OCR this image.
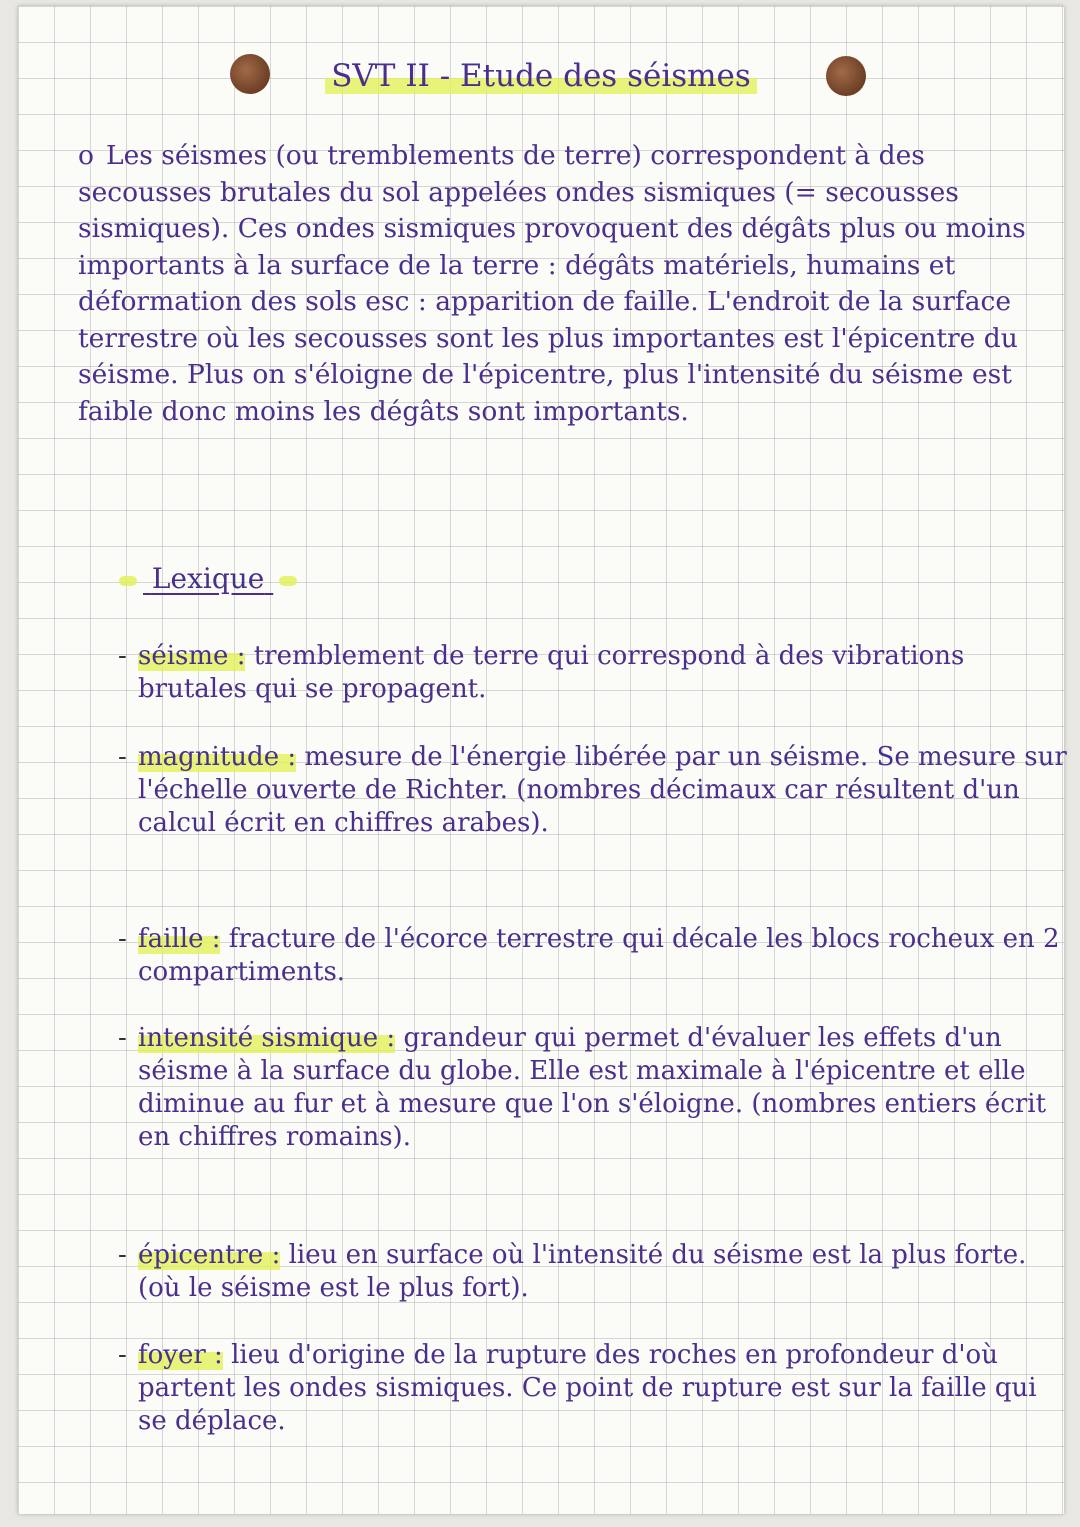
SVT II - Etude des séismes
o Les séismes (ou tremblements de terre) correspondent à des secousses brutales du sol appelées ondes sismiques (= secousses sismiques). Ces ondes sismiques provoquent des dégâts plus ou moins importants à la surface de la terre : dégâts matériels, humains et déformation des sols esc : apparition de faille. L'endroit de la surface terrestre où les secousses sont les plus importantes est l'épicentre du séisme. Plus on s'éloigne de l'épicentre, plus l'intensité du séisme est faible donc moins les dégâts sont importants.
Lexique
- séisme : tremblement de terre qui correspond à des vibrations brutales qui se propagent.
- magnitude : mesure de l'énergie libérée par un séisme. Se mesure sur l'échelle ouverte de Richter. (nombres décimaux car résultent d'un calcul écrit en chiffres arabes).
- faille : fracture de l'écorce terrestre qui décale les blocs rocheux en 2 compartiments.
- intensité sismique : grandeur qui permet d'évaluer les effets d'un séisme à la surface du globe. Elle est maximale à l'épicentre et elle diminue au fur et à mesure que l'on s'éloigne. (nombres entiers écrit en chiffres romains).
- épicentre : lieu en surface où l'intensité du séisme est la plus forte. (où le séisme est le plus fort).
- foyer : lieu d'origine de la rupture des roches en profondeur d'où partent les ondes sismiques. Ce point de rupture est sur la faille qui se déplace.
